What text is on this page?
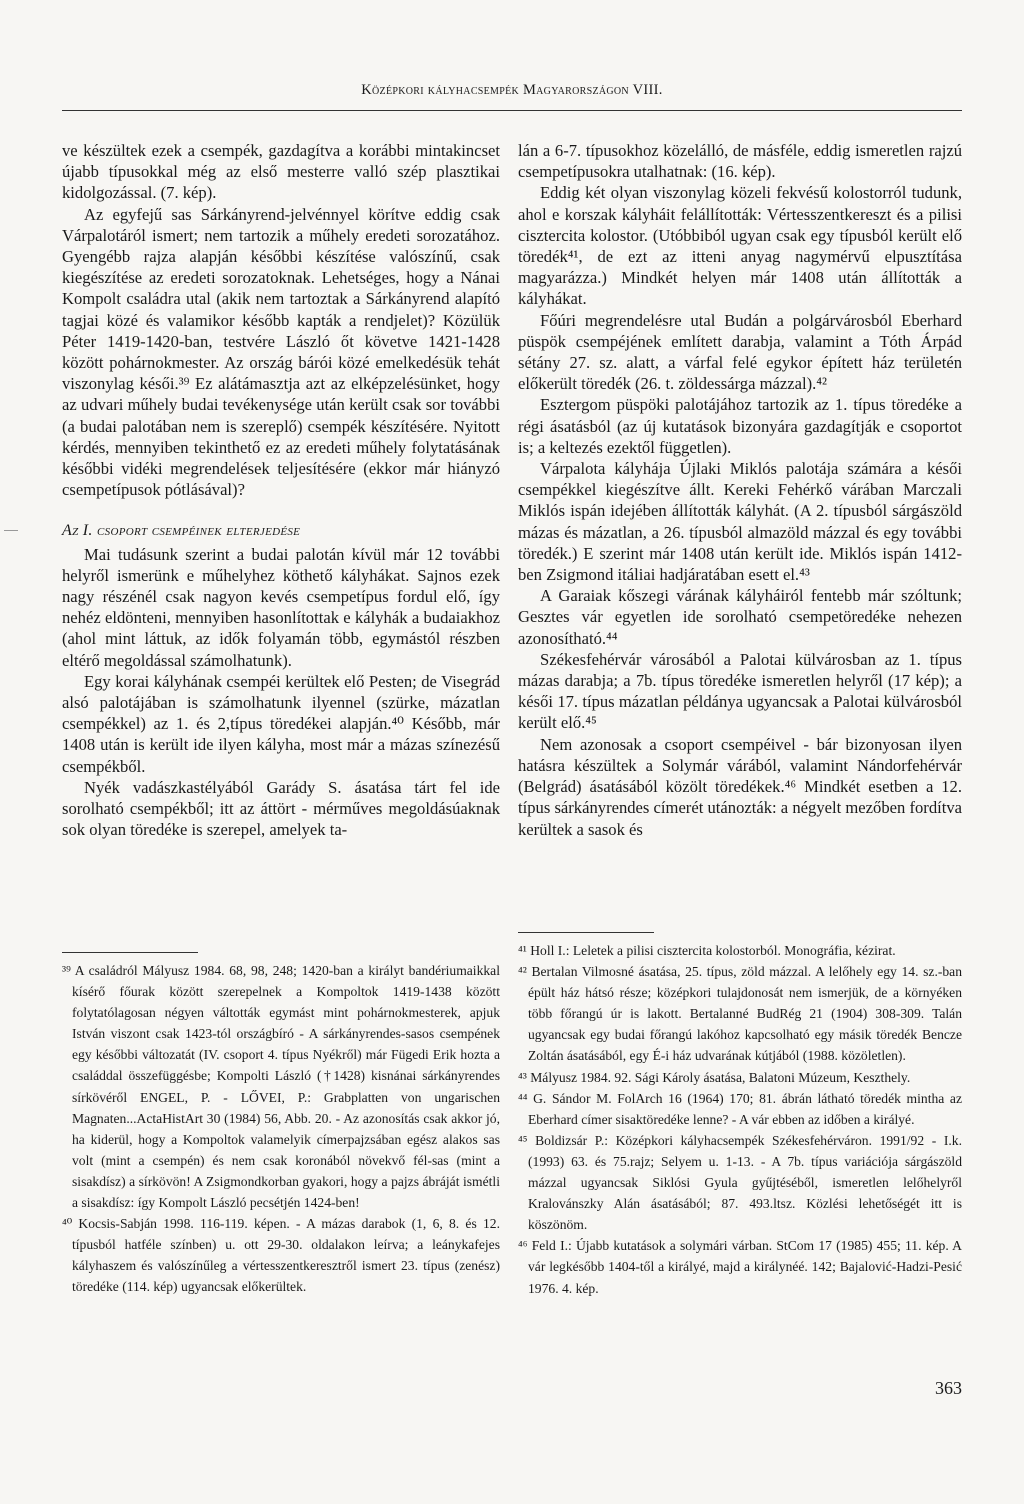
Középkori kályhacsempék Magyarországon VIII.

ve készültek ezek a csempék, gazdagítva a korábbi mintakincset újabb típusokkal még az első mesterre valló szép plasztikai kidolgozással. (7. kép).

Az egyfejű sas Sárkányrend-jelvénnyel körítve eddig csak Várpalotáról ismert; nem tartozik a műhely eredeti sorozatához. Gyengébb rajza alapján későbbi készítése valószínű, csak kiegészítése az eredeti sorozatoknak. Lehetséges, hogy a Nánai Kompolt családra utal (akik nem tartoztak a Sárkányrend alapító tagjai közé és valamikor később kapták a rendjelet)? Közülük Péter 1419-1420-ban, testvére László őt követve 1421-1428 között pohárnokmester. Az ország bárói közé emelkedésük tehát viszonylag késői.³⁹ Ez alátámasztja azt az elképzelésünket, hogy az udvari műhely budai tevékenysége után került csak sor további (a budai palotában nem is szereplő) csempék készítésére. Nyitott kérdés, mennyiben tekinthető ez az eredeti műhely folytatásának későbbi vidéki megrendelések teljesítésére (ekkor már hiányzó csempetípusok pótlásával)?

Az I. csoport csempéinek elterjedése

Mai tudásunk szerint a budai palotán kívül már 12 további helyről ismerünk e műhelyhez köthető kályhákat. Sajnos ezek nagy részénél csak nagyon kevés csempetípus fordul elő, így nehéz eldönteni, mennyiben hasonlítottak e kályhák a budaiakhoz (ahol mint láttuk, az idők folyamán több, egymástól részben eltérő megoldással számolhatunk).

Egy korai kályhának csempéi kerültek elő Pesten; de Visegrád alsó palotájában is számolhatunk ilyennel (szürke, mázatlan csempékkel) az 1. és 2,típus töredékei alapján.⁴⁰ Később, már 1408 után is került ide ilyen kályha, most már a mázas színezésű csempékből.

Nyék vadászkastélyából Garády S. ásatása tárt fel ide sorolható csempékből; itt az áttört - mérműves megoldásúaknak sok olyan töredéke is szerepel, amelyek ta-

lán a 6-7. típusokhoz közelálló, de másféle, eddig ismeretlen rajzú csempetípusokra utalhatnak: (16. kép).

Eddig két olyan viszonylag közeli fekvésű kolostorról tudunk, ahol e korszak kályháit felállították: Vértesszentkereszt és a pilisi cisztercita kolostor. (Utóbbiból ugyan csak egy típusból került elő töredék⁴¹, de ezt az itteni anyag nagymérvű elpusztítása magyarázza.) Mindkét helyen már 1408 után állították a kályhákat.

Főúri megrendelésre utal Budán a polgárvárosból Eberhard püspök csempéjének említett darabja, valamint a Tóth Árpád sétány 27. sz. alatt, a várfal felé egykor épített ház területén előkerült töredék (26. t. zöldessárga mázzal).⁴²

Esztergom püspöki palotájához tartozik az 1. típus töredéke a régi ásatásból (az új kutatások bizonyára gazdagítják e csoportot is; a keltezés ezektől független).

Várpalota kályhája Újlaki Miklós palotája számára a késői csempékkel kiegészítve állt. Kereki Fehérkő várában Marczali Miklós ispán idejében állították kályhát. (A 2. típusból sárgászöld mázas és mázatlan, a 26. típusból almazöld mázzal és egy további töredék.) E szerint már 1408 után került ide. Miklós ispán 1412-ben Zsigmond itáliai hadjáratában esett el.⁴³

A Garaiak kőszegi várának kályháiról fentebb már szóltunk; Gesztes vár egyetlen ide sorolható csempetöredéke nehezen azonosítható.⁴⁴

Székesfehérvár városából a Palotai külvárosban az 1. típus mázas darabja; a 7b. típus töredéke ismeretlen helyről (17 kép); a késői 17. típus mázatlan példánya ugyancsak a Palotai külvárosból került elő.⁴⁵

Nem azonosak a csoport csempéivel - bár bizonyosan ilyen hatásra készültek a Solymár várából, valamint Nándorfehérvár (Belgrád) ásatásából közölt töredékek.⁴⁶ Mindkét esetben a 12. típus sárkányrendes címerét utánozták: a négyelt mezőben fordítva kerültek a sasok és

³⁹ A családról Mályusz 1984. 68, 98, 248; 1420-ban a királyt bandériumaikkal kísérő főurak között szerepelnek a Kompoltok 1419-1438 között folytatólagosan négyen váltották egymást mint pohárnokmesterek, apjuk István viszont csak 1423-tól országbíró - A sárkányrendes-sasos csempének egy későbbi változatát (IV. csoport 4. típus Nyékről) már Fügedi Erik hozta a családdal összefüggésbe; Kompolti László (†1428) kisnánai sárkányrendes sírkövéről ENGEL, P. - LŐVEI, P.: Grabplatten von ungarischen Magnaten...ActaHistArt 30 (1984) 56, Abb. 20. - Az azonosítás csak akkor jó, ha kiderül, hogy a Kompoltok valamelyik címerpajzsában egész alakos sas volt (mint a csempén) és nem csak koronából növekvő fél-sas (mint a sisakdísz) a sírkövön! A Zsigmondkorban gyakori, hogy a pajzs ábráját ismétli a sisakdísz: így Kompolt László pecsétjén 1424-ben!

⁴⁰ Kocsis-Sabján 1998. 116-119. képen. - A mázas darabok (1, 6, 8. és 12. típusból hatféle színben) u. ott 29-30. oldalakon leírva; a leánykafejes kályhaszem és valószínűleg a vértesszentkeresztről ismert 23. típus (zenész) töredéke (114. kép) ugyancsak előkerültek.

⁴¹ Holl I.: Leletek a pilisi cisztercita kolostorból. Monográfia, kézirat.

⁴² Bertalan Vilmosné ásatása, 25. típus, zöld mázzal. A lelőhely egy 14. sz.-ban épült ház hátsó része; középkori tulajdonosát nem ismerjük, de a környéken több főrangú úr is lakott. Bertalanné BudRég 21 (1904) 308-309. Talán ugyancsak egy budai főrangú lakóhoz kapcsolható egy másik töredék Bencze Zoltán ásatásából, egy É-i ház udvarának kútjából (1988. közöletlen).

⁴³ Mályusz 1984. 92. Sági Károly ásatása, Balatoni Múzeum, Keszthely.

⁴⁴ G. Sándor M. FolArch 16 (1964) 170; 81. ábrán látható töredék mintha az Eberhard címer sisaktöredéke lenne? - A vár ebben az időben a királyé.

⁴⁵ Boldizsár P.: Középkori kályhacsempék Székesfehérváron. 1991/92 - I.k. (1993) 63. és 75.rajz; Selyem u. 1-13. - A 7b. típus variációja sárgászöld mázzal ugyancsak Siklósi Gyula gyűjtéséből, ismeretlen lelőhelyről Kralovánszky Alán ásatásából; 87. 493.ltsz. Közlési lehetőségét itt is köszönöm.

⁴⁶ Feld I.: Újabb kutatások a solymári várban. StCom 17 (1985) 455; 11. kép. A vár legkésőbb 1404-től a királyé, majd a királynéé. 142; Bajalović-Hadzi-Pesić 1976. 4. kép.

363
